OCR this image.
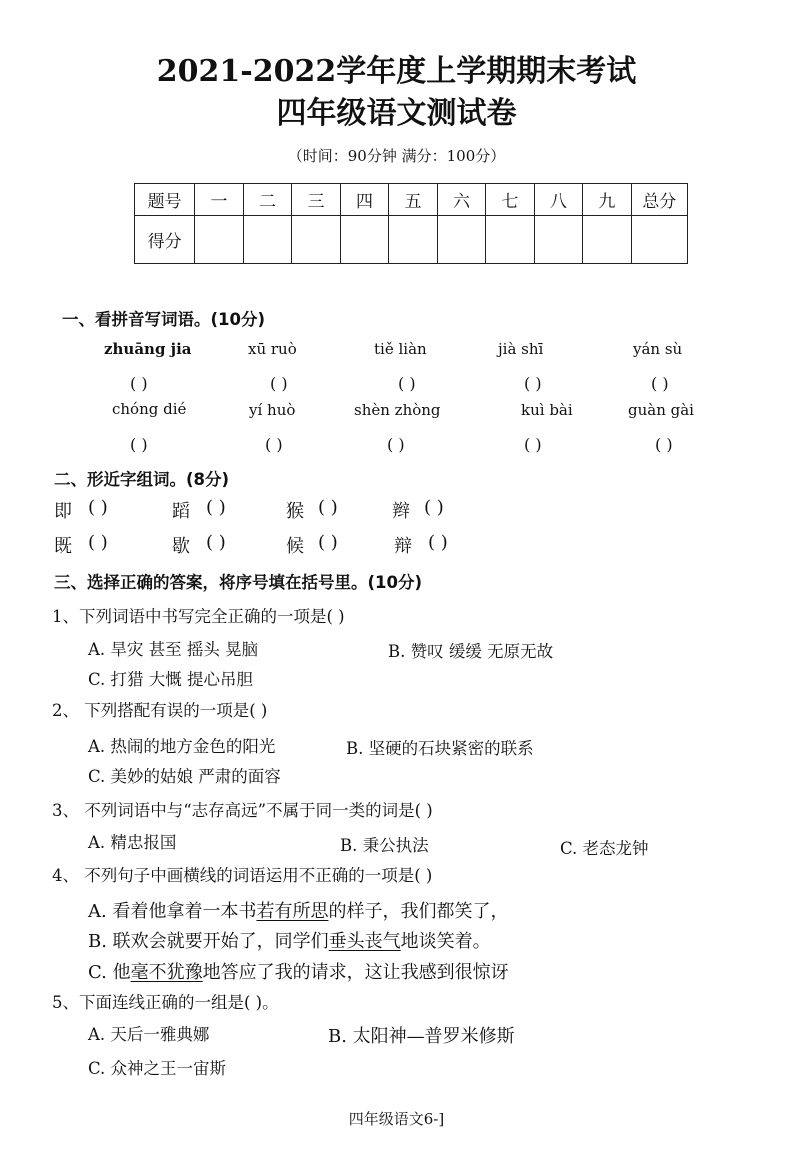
2021-2022学年度上学期期末考试
四年级语文测试卷
（时间：90分钟 满分：100分）
题号	一	二	三	四	五	六	七	八	九	总分
得分										
一、看拼音写词语。(10分)
zhuāng jia	xū ruò	tiě liàn	jià shī	yán sù
( )	( )	( )	( )	( )
chóng dié	yí huò	shèn zhòng	kuì bài	guàn gài
( )	( )	( )	( )	( )
二、形近字组词。(8分)
即 ( )	蹈 ( )	猴 ( )	辫 ( )
既 ( )	歇 ( )	候 ( )	辩 ( )
三、选择正确的答案，将序号填在括号里。(10分)
1、下列词语中书写完全正确的一项是( )
A. 旱灾 甚至 摇头 晃脑	B. 赞叹 缓缓 无原无故
C. 打猎 大慨 提心吊胆
2、 下列搭配有误的一项是( )
A. 热闹的地方金色的阳光	B. 坚硬的石块紧密的联系
C. 美妙的姑娘 严肃的面容
3、 不列词语中与“志存高远”不属于同一类的词是( )
A. 精忠报国	B. 秉公执法	C. 老态龙钟
4、 不列句子中画横线的词语运用不正确的一项是( )
A. 看着他拿着一本书若有所思的样子，我们都笑了，
B. 联欢会就要开始了，同学们垂头丧气地谈笑着。
C. 他毫不犹豫地答应了我的请求，这让我感到很惊讶
5、下面连线正确的一组是( )。
A. 天后一雅典娜	B. 太阳神—普罗米修斯
C. 众神之王一宙斯
四年级语文6-]
